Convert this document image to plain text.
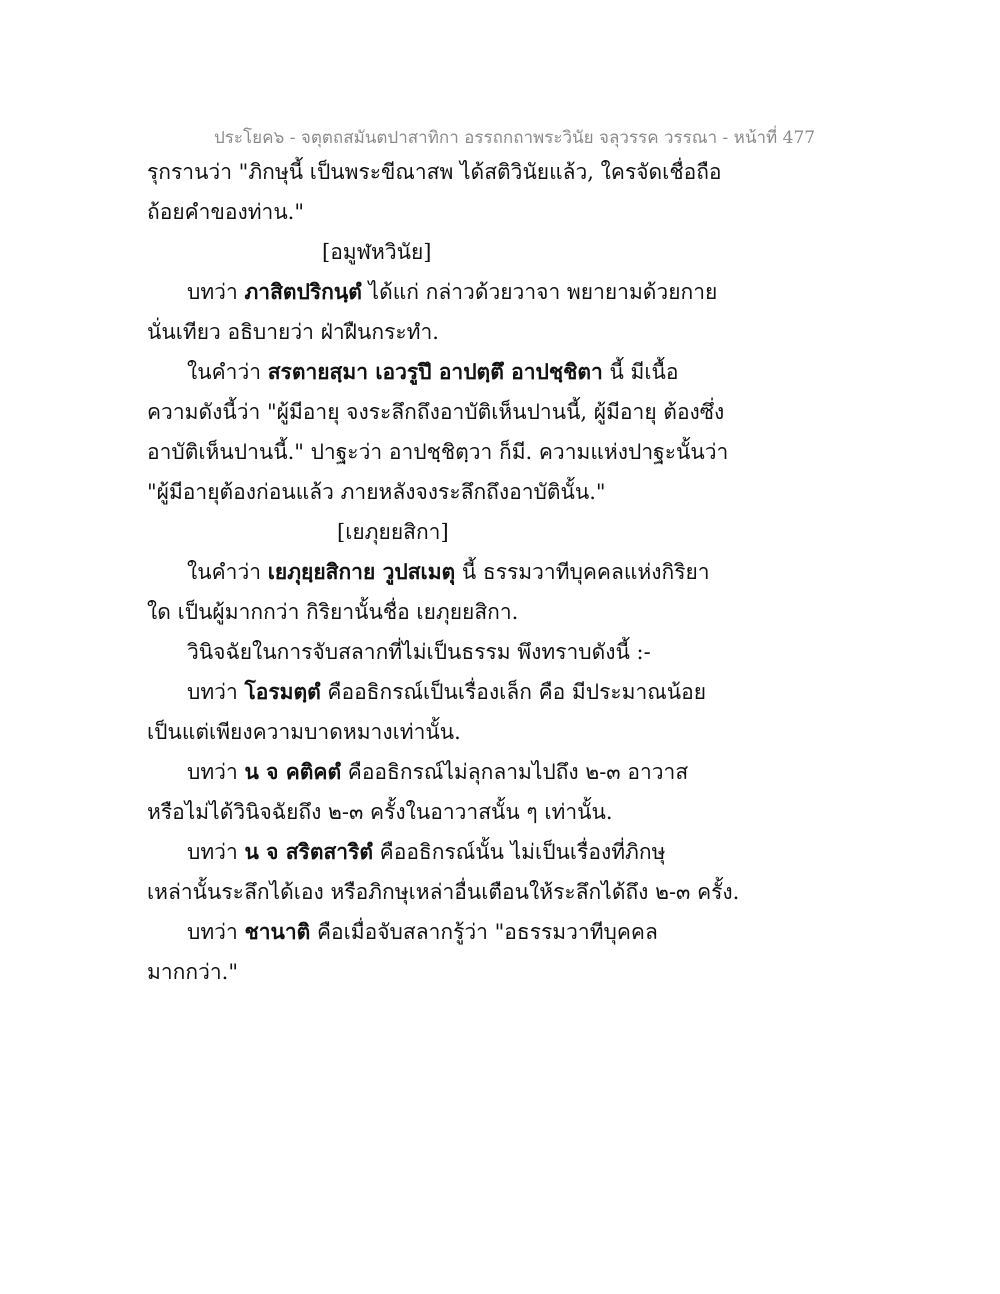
ประโยค๖ - จตุตถสมันตปาสาทิกา อรรถกถาพระวินัย จลุวรรค วรรณา - หน้าที่ 477
รุกรานว่า "ภิกษุนี้ เป็นพระขีณาสพ ได้สติวินัยแล้ว, ใครจัดเชื่อถือ
ถ้อยคำของท่าน."
[อมูฬหวินัย]
บทว่า ภาสิตปริกนฺตํ ได้แก่ กล่าวด้วยวาจา พยายามด้วยกาย
นั่นเทียว อธิบายว่า ฝ่าฝืนกระทำ.
ในคำว่า สรตายสฺมา เอวรูปึ อาปตฺตึ อาปชฺชิตา นี้ มีเนื้อ
ความดังนี้ว่า "ผู้มีอายุ จงระลึกถึงอาบัติเห็นปานนี้, ผู้มีอายุ ต้องซึ่ง
อาบัติเห็นปานนี้." ปาฐะว่า อาปชฺชิตฺวา ก็มี. ความแห่งปาฐะนั้นว่า
"ผู้มีอายุต้องก่อนแล้ว ภายหลังจงระลึกถึงอาบัตินั้น."
[เยภุยยสิกา]
ในคำว่า เยภุยฺยสิกาย วูปสเมตุ นี้ ธรรมวาทีบุคคลแห่งกิริยา
ใด เป็นผู้มากกว่า กิริยานั้นชื่อ เยภุยยสิกา.
วินิจฉัยในการจับสลากที่ไม่เป็นธรรม พึงทราบดังนี้ :-
บทว่า โอรมตฺตํ คืออธิกรณ์เป็นเรื่องเล็ก คือ มีประมาณน้อย
เป็นแต่เพียงความบาดหมางเท่านั้น.
บทว่า น จ คติคตํ คืออธิกรณ์ไม่ลุกลามไปถึง ๒-๓ อาวาส
หรือไม่ได้วินิจฉัยถึง ๒-๓ ครั้งในอาวาสนั้น ๆ เท่านั้น.
บทว่า น จ สริตสาริตํ คืออธิกรณ์นั้น ไม่เป็นเรื่องที่ภิกษุ
เหล่านั้นระลึกได้เอง หรือภิกษุเหล่าอื่นเตือนให้ระลึกได้ถึง ๒-๓ ครั้ง.
บทว่า ชานาติ คือเมื่อจับสลากรู้ว่า "อธรรมวาทีบุคคล
มากกว่า."
